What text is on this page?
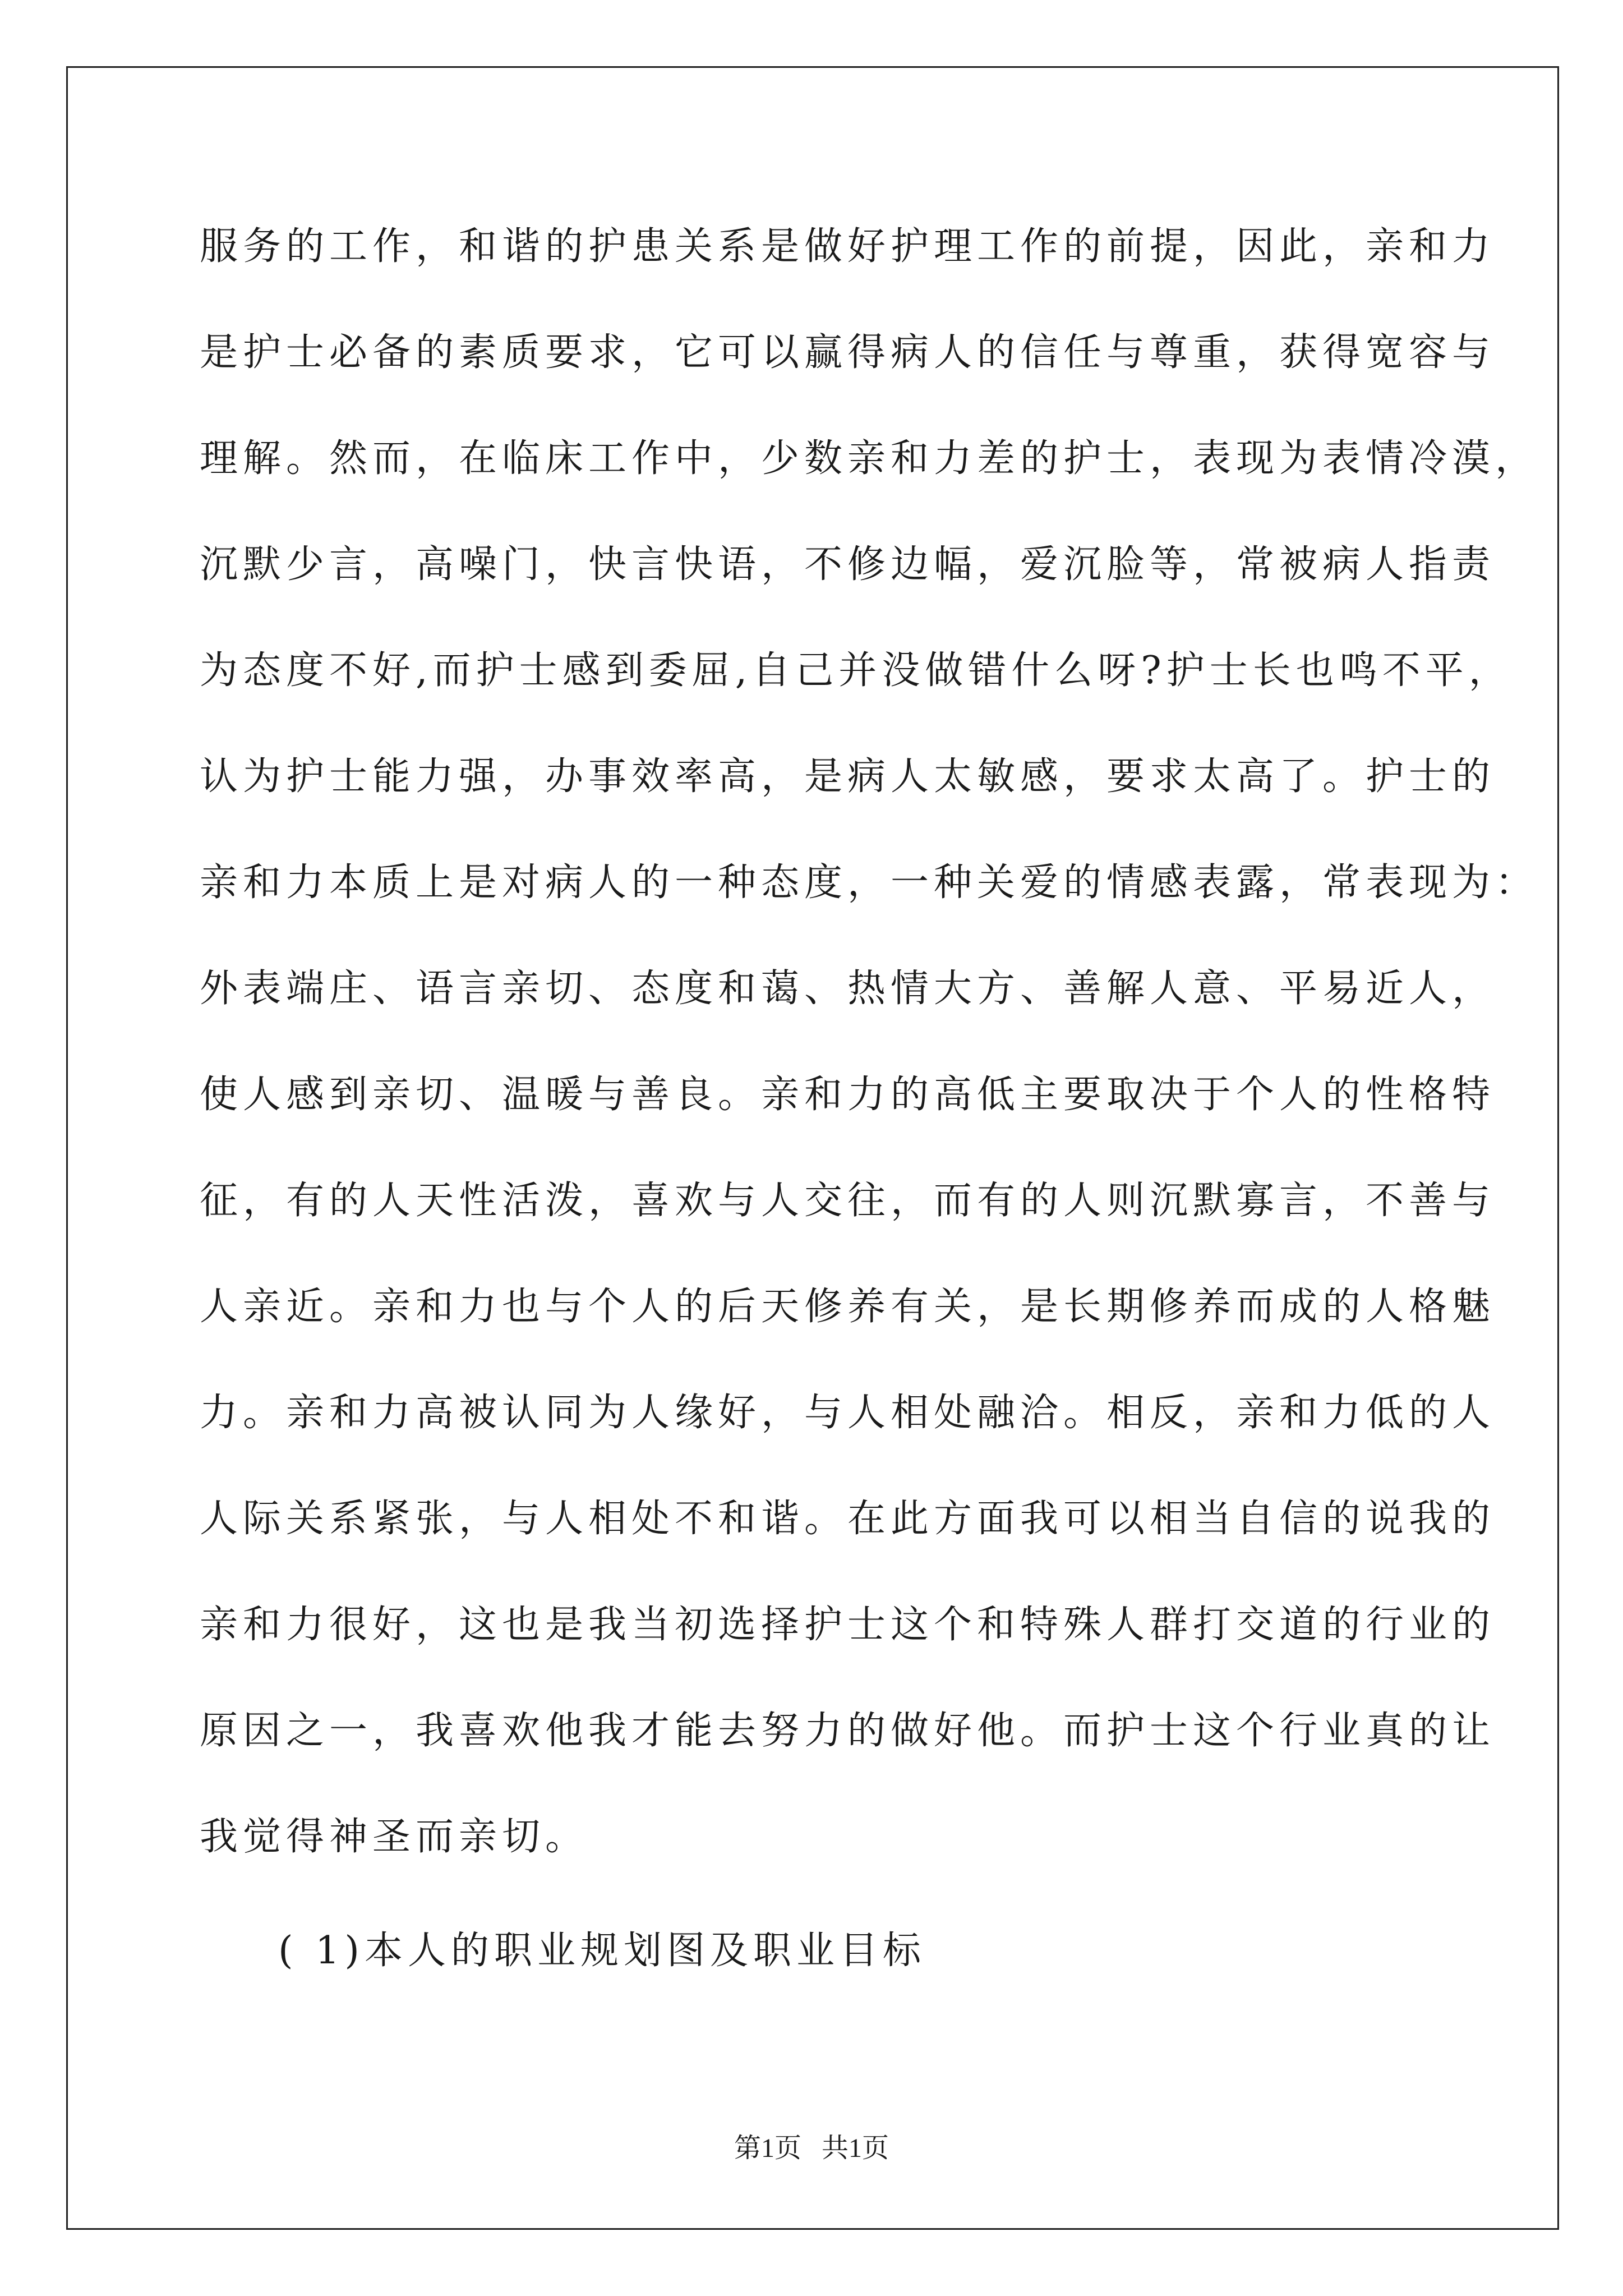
服务的工作，和谐的护患关系是做好护理工作的前提，因此，亲和力
是护士必备的素质要求，它可以赢得病人的信任与尊重，获得宽容与
理解。然而，在临床工作中，少数亲和力差的护士，表现为表情冷漠，
沉默少言，高噪门，快言快语，不修边幅，爱沉脸等，常被病人指责
为态度不好,而护士感到委屈,自己并没做错什么呀?护士长也鸣不平，
认为护士能力强，办事效率高，是病人太敏感，要求太高了。护士的
亲和力本质上是对病人的一种态度，一种关爱的情感表露，常表现为：
外表端庄、语言亲切、态度和蔼、热情大方、善解人意、平易近人，
使人感到亲切、温暖与善良。亲和力的高低主要取决于个人的性格特
征，有的人天性活泼，喜欢与人交往，而有的人则沉默寡言，不善与
人亲近。亲和力也与个人的后天修养有关，是长期修养而成的人格魅
力。亲和力高被认同为人缘好，与人相处融洽。相反，亲和力低的人
人际关系紧张，与人相处不和谐。在此方面我可以相当自信的说我的
亲和力很好，这也是我当初选择护士这个和特殊人群打交道的行业的
原因之一，我喜欢他我才能去努力的做好他。而护士这个行业真的让
我觉得神圣而亲切。
( 1)本人的职业规划图及职业目标
第1页   共1页
